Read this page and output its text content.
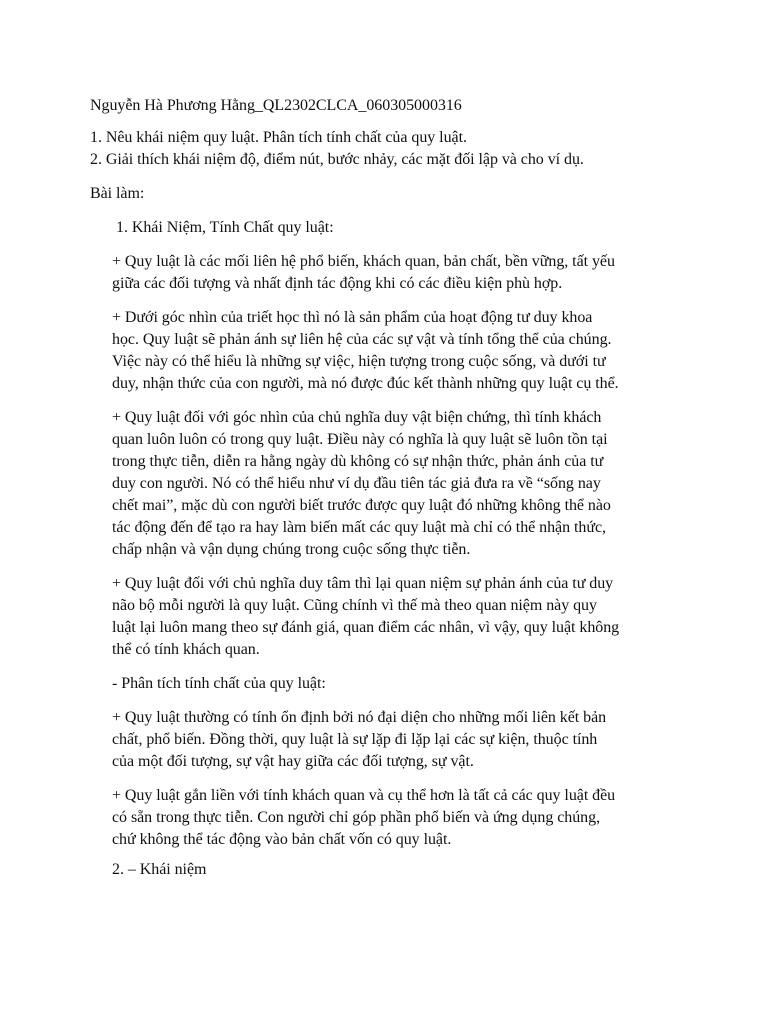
Nguyễn Hà Phương Hằng_QL2302CLCA_060305000316
1. Nêu khái niệm quy luật. Phân tích tính chất của quy luật.
2. Giải thích khái niệm độ, điểm nút, bước nhảy, các mặt đối lập và cho ví dụ.
Bài làm:
1. Khái Niệm, Tính Chất quy luật:
+ Quy luật là các mối liên hệ phổ biến, khách quan, bản chất, bền vững, tất yếu
giữa các đối tượng và nhất định tác động khi có các điều kiện phù hợp.
+ Dưới góc nhìn của triết học thì nó là sản phẩm của hoạt động tư duy khoa
học. Quy luật sẽ phản ánh sự liên hệ của các sự vật và tính tổng thể của chúng.
Việc này có thể hiểu là những sự việc, hiện tượng trong cuộc sống, và dưới tư
duy, nhận thức của con người, mà nó được đúc kết thành những quy luật cụ thể.
+ Quy luật đối với góc nhìn của chủ nghĩa duy vật biện chứng, thì tính khách
quan luôn luôn có trong quy luật. Điều này có nghĩa là quy luật sẽ luôn tồn tại
trong thực tiễn, diễn ra hằng ngày dù không có sự nhận thức, phản ánh của tư
duy con người. Nó có thể hiểu như ví dụ đầu tiên tác giả đưa ra về “sống nay
chết mai”, mặc dù con người biết trước được quy luật đó những không thể nào
tác động đến để tạo ra hay làm biến mất các quy luật mà chỉ có thể nhận thức,
chấp nhận và vận dụng chúng trong cuộc sống thực tiễn.
+ Quy luật đối với chủ nghĩa duy tâm thì lại quan niệm sự phản ánh của tư duy
não bộ mỗi người là quy luật. Cũng chính vì thế mà theo quan niệm này quy
luật lại luôn mang theo sự đánh giá, quan điểm các nhân, vì vậy, quy luật không
thể có tính khách quan.
- Phân tích tính chất của quy luật:
+ Quy luật thường có tính ổn định bởi nó đại diện cho những mối liên kết bản
chất, phổ biến. Đồng thời, quy luật là sự lặp đi lặp lại các sự kiện, thuộc tính
của một đối tượng, sự vật hay giữa các đối tượng, sự vật.
+ Quy luật gắn liền với tính khách quan và cụ thể hơn là tất cả các quy luật đều
có sẵn trong thực tiễn. Con người chỉ góp phần phổ biến và ứng dụng chúng,
chứ không thể tác động vào bản chất vốn có quy luật.
2. – Khái niệm
